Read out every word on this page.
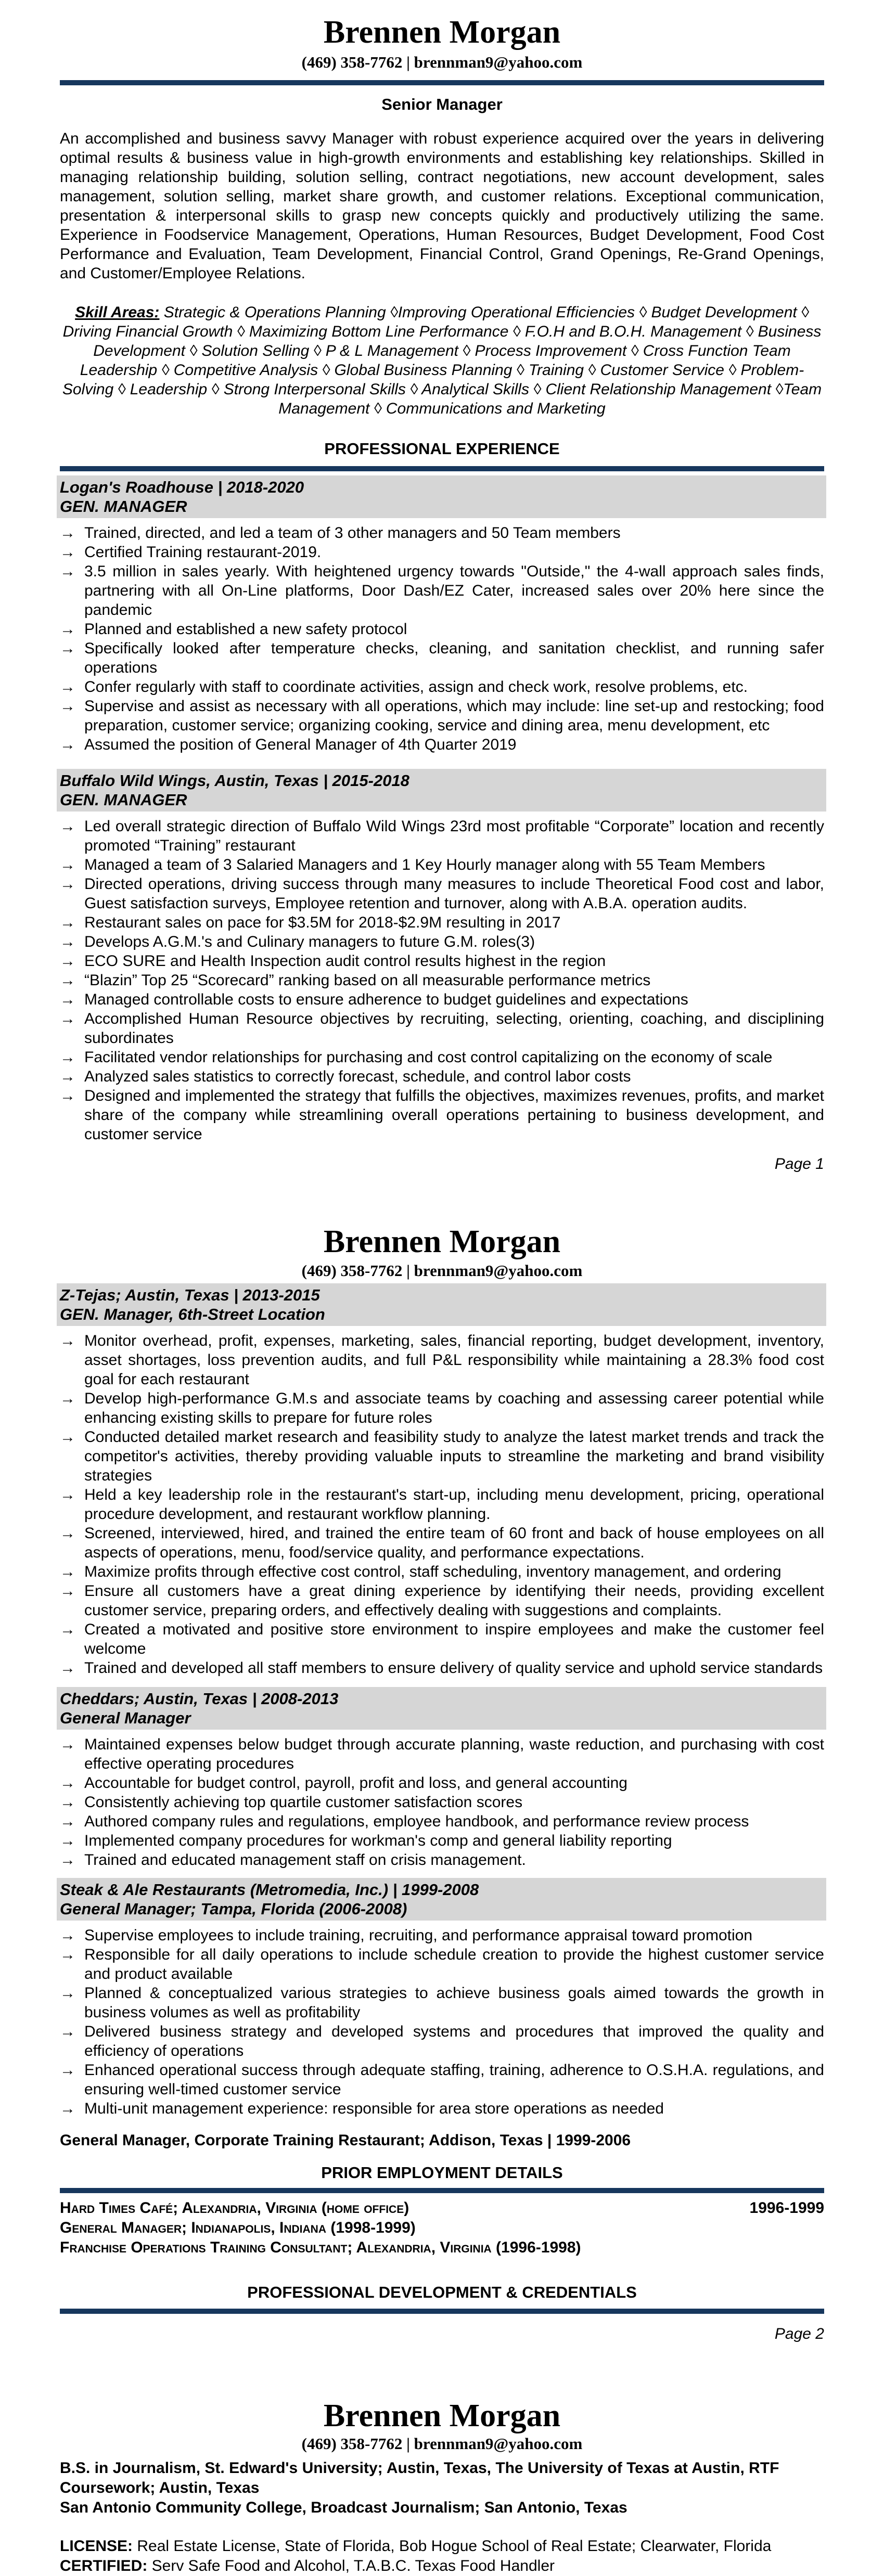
Brennen Morgan
(469) 358-7762 | brennman9@yahoo.com
Senior Manager

An accomplished and business savvy Manager with robust experience acquired over the years in delivering optimal results & business value in high-growth environments and establishing key relationships. Skilled in managing relationship building, solution selling, contract negotiations, new account development, sales management, solution selling, market share growth, and customer relations. Exceptional communication, presentation & interpersonal skills to grasp new concepts quickly and productively utilizing the same. Experience in Foodservice Management, Operations, Human Resources, Budget Development, Food Cost Performance and Evaluation, Team Development, Financial Control, Grand Openings, Re-Grand Openings, and Customer/Employee Relations.

Skill Areas: Strategic & Operations Planning ◊Improving Operational Efficiencies ◊ Budget Development ◊ Driving Financial Growth ◊ Maximizing Bottom Line Performance ◊ F.O.H and B.O.H. Management ◊ Business Development ◊ Solution Selling ◊ P & L Management ◊ Process Improvement ◊ Cross Function Team Leadership ◊ Competitive Analysis ◊ Global Business Planning ◊ Training ◊ Customer Service ◊ Problem-Solving ◊ Leadership ◊ Strong Interpersonal Skills ◊ Analytical Skills ◊ Client Relationship Management ◊Team Management ◊ Communications and Marketing

PROFESSIONAL EXPERIENCE
Logan's Roadhouse | 2018-2020
GEN. MANAGER
→ Trained, directed, and led a team of 3 other managers and 50 Team members
→ Certified Training restaurant-2019.
→ 3.5 million in sales yearly. With heightened urgency towards "Outside," the 4-wall approach sales finds, partnering with all On-Line platforms, Door Dash/EZ Cater, increased sales over 20% here since the pandemic
→ Planned and established a new safety protocol
→ Specifically looked after temperature checks, cleaning, and sanitation checklist, and running safer operations
→ Confer regularly with staff to coordinate activities, assign and check work, resolve problems, etc.
→ Supervise and assist as necessary with all operations, which may include: line set-up and restocking; food preparation, customer service; organizing cooking, service and dining area, menu development, etc
→ Assumed the position of General Manager of 4th Quarter 2019
Buffalo Wild Wings, Austin, Texas | 2015-2018
GEN. MANAGER
→ Led overall strategic direction of Buffalo Wild Wings 23rd most profitable “Corporate” location and recently promoted “Training” restaurant
→ Managed a team of 3 Salaried Managers and 1 Key Hourly manager along with 55 Team Members
→ Directed operations, driving success through many measures to include Theoretical Food cost and labor, Guest satisfaction surveys, Employee retention and turnover, along with A.B.A. operation audits.
→ Restaurant sales on pace for $3.5M for 2018-$2.9M resulting in 2017
→ Develops A.G.M.'s and Culinary managers to future G.M. roles(3)
→ ECO SURE and Health Inspection audit control results highest in the region
→ “Blazin” Top 25 “Scorecard” ranking based on all measurable performance metrics
→ Managed controllable costs to ensure adherence to budget guidelines and expectations
→ Accomplished Human Resource objectives by recruiting, selecting, orienting, coaching, and disciplining subordinates
→ Facilitated vendor relationships for purchasing and cost control capitalizing on the economy of scale
→ Analyzed sales statistics to correctly forecast, schedule, and control labor costs
→ Designed and implemented the strategy that fulfills the objectives, maximizes revenues, profits, and market share of the company while streamlining overall operations pertaining to business development, and customer service
Page 1
Brennen Morgan
(469) 358-7762 | brennman9@yahoo.com
Z-Tejas; Austin, Texas | 2013-2015
GEN. Manager, 6th-Street Location
→ Monitor overhead, profit, expenses, marketing, sales, financial reporting, budget development, inventory, asset shortages, loss prevention audits, and full P&L responsibility while maintaining a 28.3% food cost goal for each restaurant
→ Develop high-performance G.M.s and associate teams by coaching and assessing career potential while enhancing existing skills to prepare for future roles
→ Conducted detailed market research and feasibility study to analyze the latest market trends and track the competitor's activities, thereby providing valuable inputs to streamline the marketing and brand visibility strategies
→ Held a key leadership role in the restaurant's start-up, including menu development, pricing, operational procedure development, and restaurant workflow planning.
→ Screened, interviewed, hired, and trained the entire team of 60 front and back of house employees on all aspects of operations, menu, food/service quality, and performance expectations.
→ Maximize profits through effective cost control, staff scheduling, inventory management, and ordering
→ Ensure all customers have a great dining experience by identifying their needs, providing excellent customer service, preparing orders, and effectively dealing with suggestions and complaints.
→ Created a motivated and positive store environment to inspire employees and make the customer feel welcome
→ Trained and developed all staff members to ensure delivery of quality service and uphold service standards
Cheddars; Austin, Texas | 2008-2013
General Manager
→ Maintained expenses below budget through accurate planning, waste reduction, and purchasing with cost effective operating procedures
→ Accountable for budget control, payroll, profit and loss, and general accounting
→ Consistently achieving top quartile customer satisfaction scores
→ Authored company rules and regulations, employee handbook, and performance review process
→ Implemented company procedures for workman's comp and general liability reporting
→ Trained and educated management staff on crisis management.
Steak & Ale Restaurants (Metromedia, Inc.) | 1999-2008
General Manager; Tampa, Florida (2006-2008)
→ Supervise employees to include training, recruiting, and performance appraisal toward promotion
→ Responsible for all daily operations to include schedule creation to provide the highest customer service and product available
→ Planned & conceptualized various strategies to achieve business goals aimed towards the growth in business volumes as well as profitability
→ Delivered business strategy and developed systems and procedures that improved the quality and efficiency of operations
→ Enhanced operational success through adequate staffing, training, adherence to O.S.H.A. regulations, and ensuring well-timed customer service
→ Multi-unit management experience: responsible for area store operations as needed
General Manager, Corporate Training Restaurant; Addison, Texas | 1999-2006
PRIOR EMPLOYMENT DETAILS
Hard Times Café; Alexandria, Virginia (home office)	1996-1999
General Manager; Indianapolis, Indiana (1998-1999)
Franchise Operations Training Consultant; Alexandria, Virginia (1996-1998)
PROFESSIONAL DEVELOPMENT & CREDENTIALS
Page 2
Brennen Morgan
(469) 358-7762 | brennman9@yahoo.com
B.S. in Journalism, St. Edward's University; Austin, Texas, The University of Texas at Austin, RTF Coursework; Austin, Texas
San Antonio Community College, Broadcast Journalism; San Antonio, Texas
LICENSE: Real Estate License, State of Florida, Bob Hogue School of Real Estate; Clearwater, Florida
CERTIFIED: Serv Safe Food and Alcohol, T.A.B.C. Texas Food Handler
